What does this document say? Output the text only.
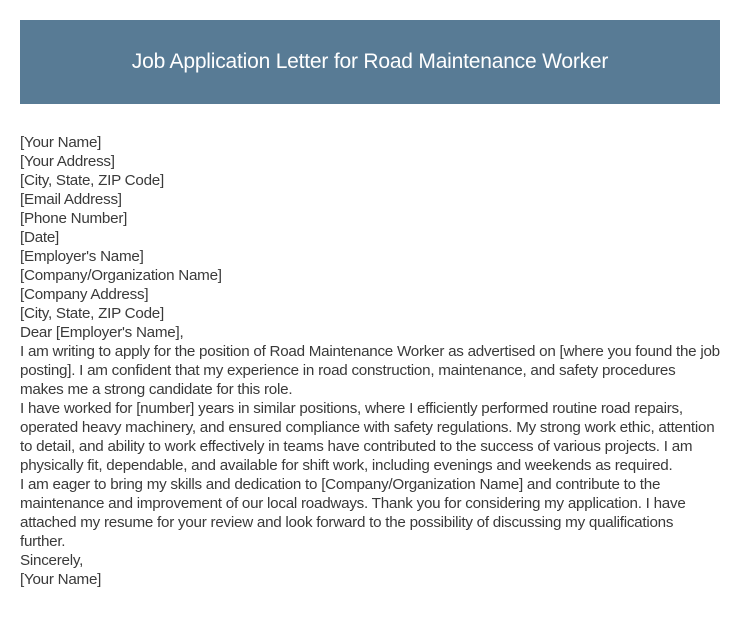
Job Application Letter for Road Maintenance Worker
[Your Name]
[Your Address]
[City, State, ZIP Code]
[Email Address]
[Phone Number]
[Date]
[Employer's Name]
[Company/Organization Name]
[Company Address]
[City, State, ZIP Code]
Dear [Employer's Name],
I am writing to apply for the position of Road Maintenance Worker as advertised on [where you found the job posting]. I am confident that my experience in road construction, maintenance, and safety procedures makes me a strong candidate for this role.
I have worked for [number] years in similar positions, where I efficiently performed routine road repairs, operated heavy machinery, and ensured compliance with safety regulations. My strong work ethic, attention to detail, and ability to work effectively in teams have contributed to the success of various projects. I am physically fit, dependable, and available for shift work, including evenings and weekends as required.
I am eager to bring my skills and dedication to [Company/Organization Name] and contribute to the maintenance and improvement of our local roadways. Thank you for considering my application. I have attached my resume for your review and look forward to the possibility of discussing my qualifications further.
Sincerely,
[Your Name]
